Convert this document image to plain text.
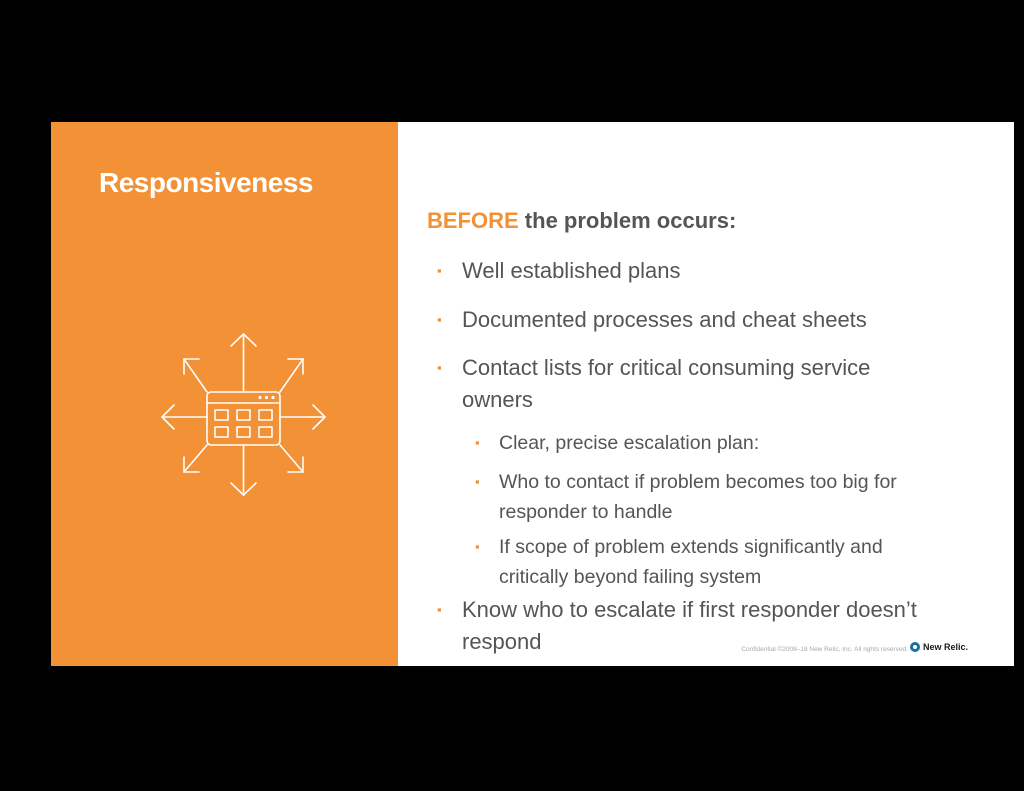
Responsiveness
BEFORE the problem occurs:
▪ Well established plans
▪ Documented processes and cheat sheets
▪ Contact lists for critical consuming service owners
▪ Clear, precise escalation plan:
▪ Who to contact if problem becomes too big for responder to handle
▪ If scope of problem extends significantly and critically beyond failing system
▪ Know who to escalate if first responder doesn’t respond	Confidential ©2008–18 New Relic, Inc. All rights reserved. New Relic.
